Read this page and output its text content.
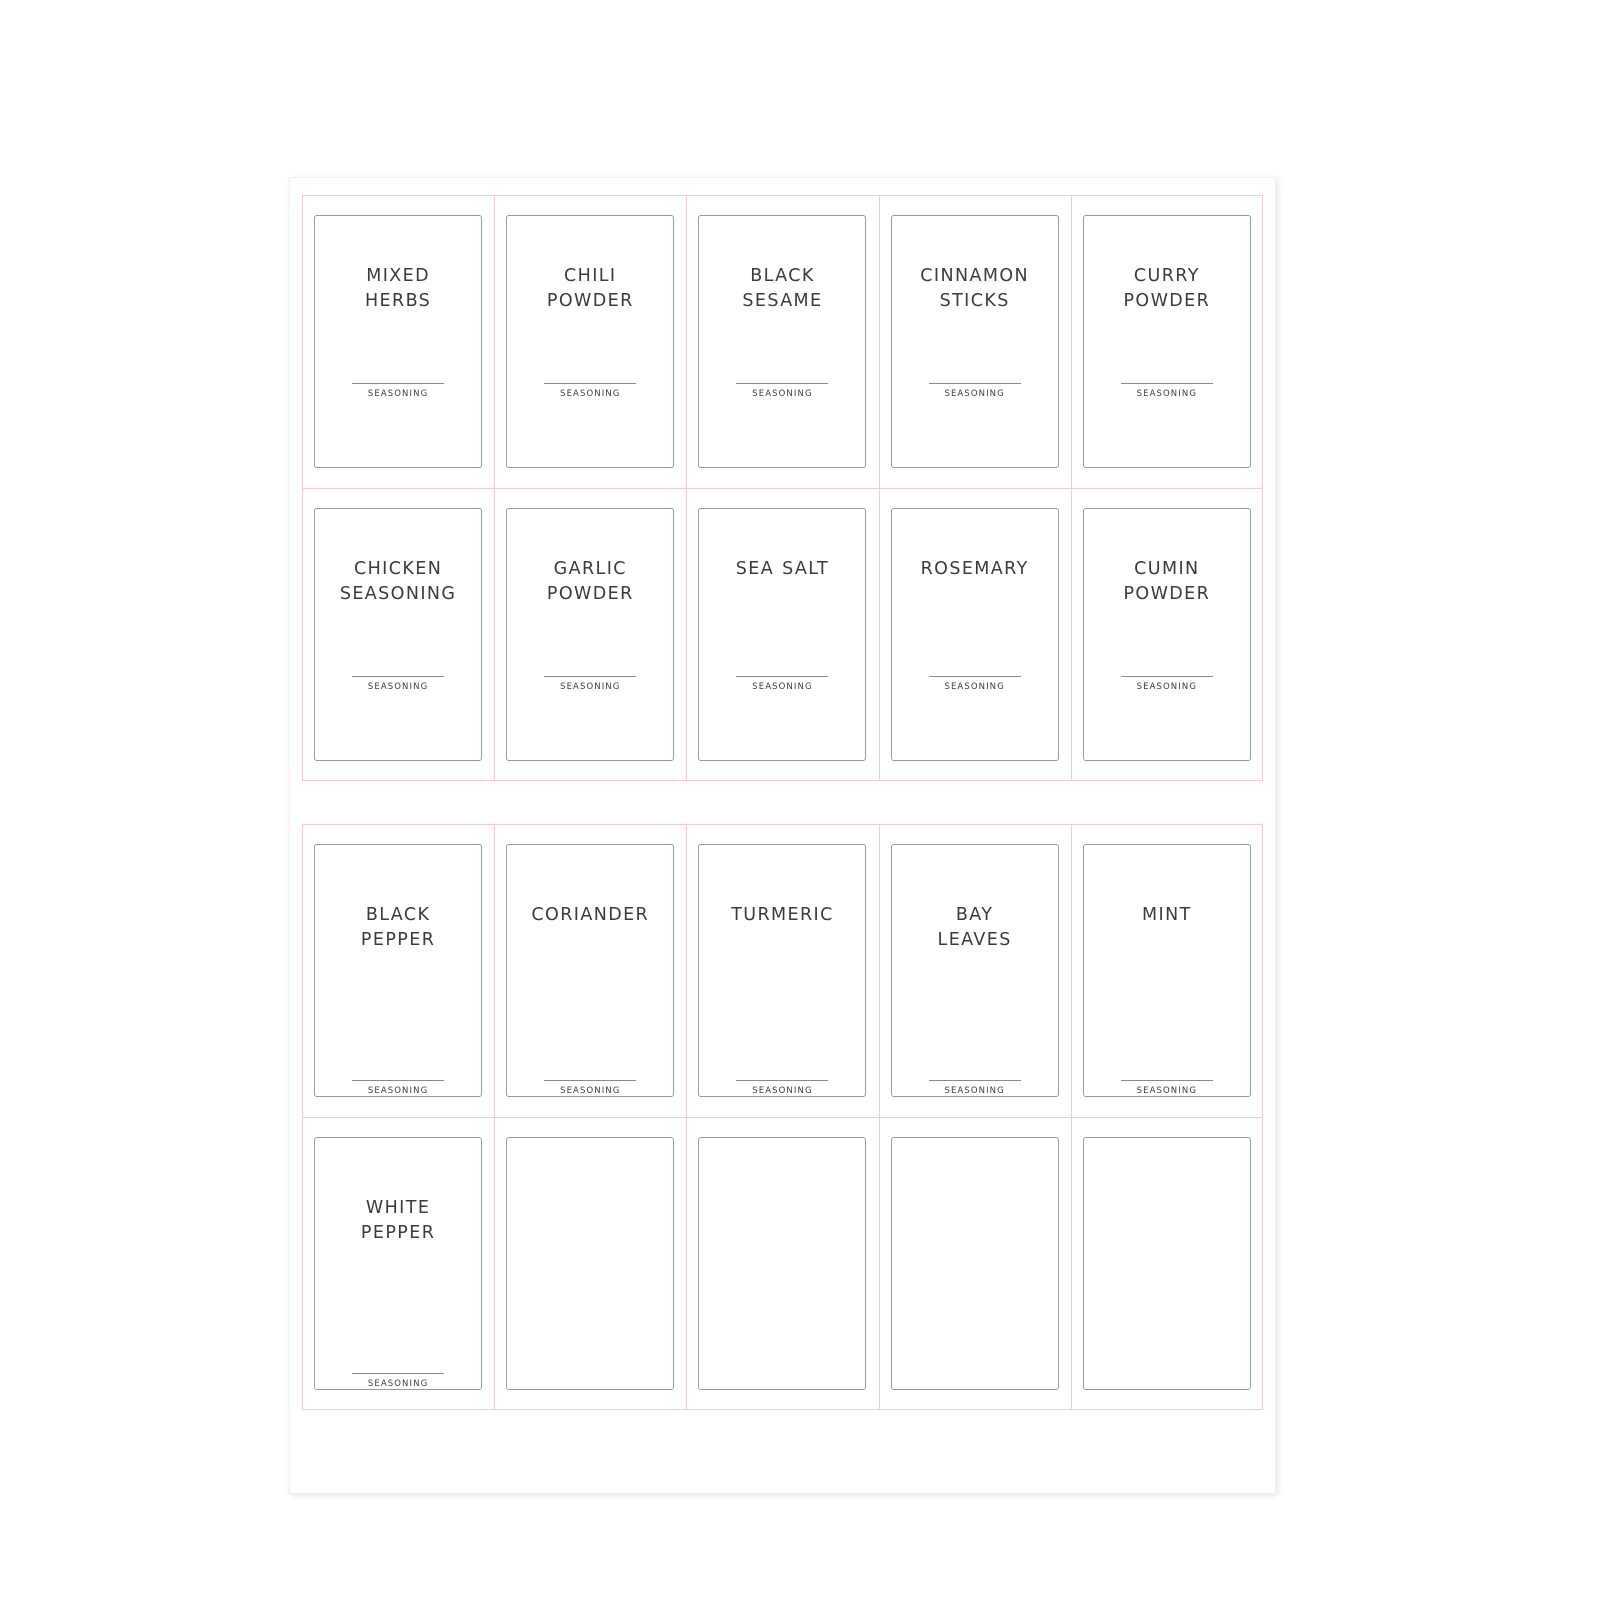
MIXED
HERBS
SEASONING
CHILI
POWDER
SEASONING
BLACK
SESAME
SEASONING
CINNAMON
STICKS
SEASONING
CURRY
POWDER
SEASONING
CHICKEN
SEASONING
SEASONING
GARLIC
POWDER
SEASONING
SEA SALT
SEASONING
ROSEMARY
SEASONING
CUMIN
POWDER
SEASONING
BLACK
PEPPER
SEASONING
CORIANDER
SEASONING
TURMERIC
SEASONING
BAY
LEAVES
SEASONING
MINT
SEASONING
WHITE
PEPPER
SEASONING
